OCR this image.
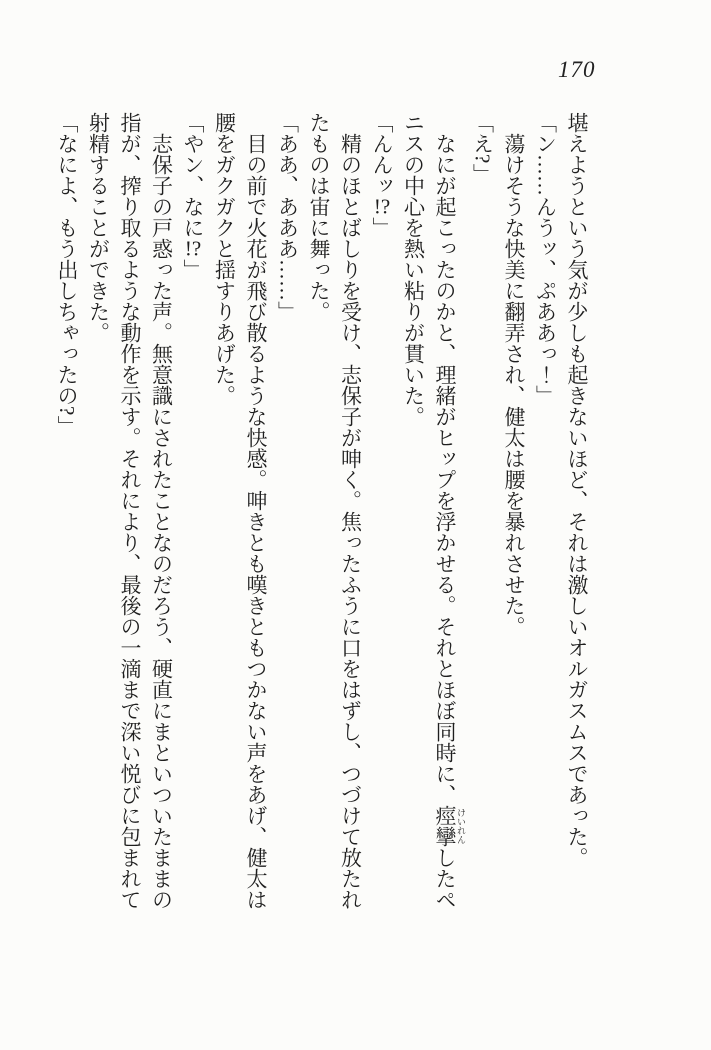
170
堪えようという気が少しも起きないほど、それは激しいオルガスムスであった。
「ン……んうッ、ぷああっ！」
蕩けそうな快美に翻弄され、健太は腰を暴れさせた。
「え?」
なにが起こったのかと、理緒がヒップを浮かせる。それとほぼ同時に、痙攣 けいれんしたペ
ニスの中心を熱い粘りが貫いた。
「んんッ!?」
精のほとばしりを受け、志保子が呻く。焦ったふうに口をはずし、つづけて放たれ
たものは宙に舞った。
「ああ、あああ……」
目の前で火花が飛び散るような快感。呻きとも嘆きともつかない声をあげ、健太は
腰をガクガクと揺すりあげた。
「やン、なに!?」
志保子の戸惑った声。無意識にされたことなのだろう、硬直にまといついたままの
指が、搾り取るような動作を示す。それにより、最後の一滴まで深い悦びに包まれて
射精することができた。
「なによ、もう出しちゃったの?」
